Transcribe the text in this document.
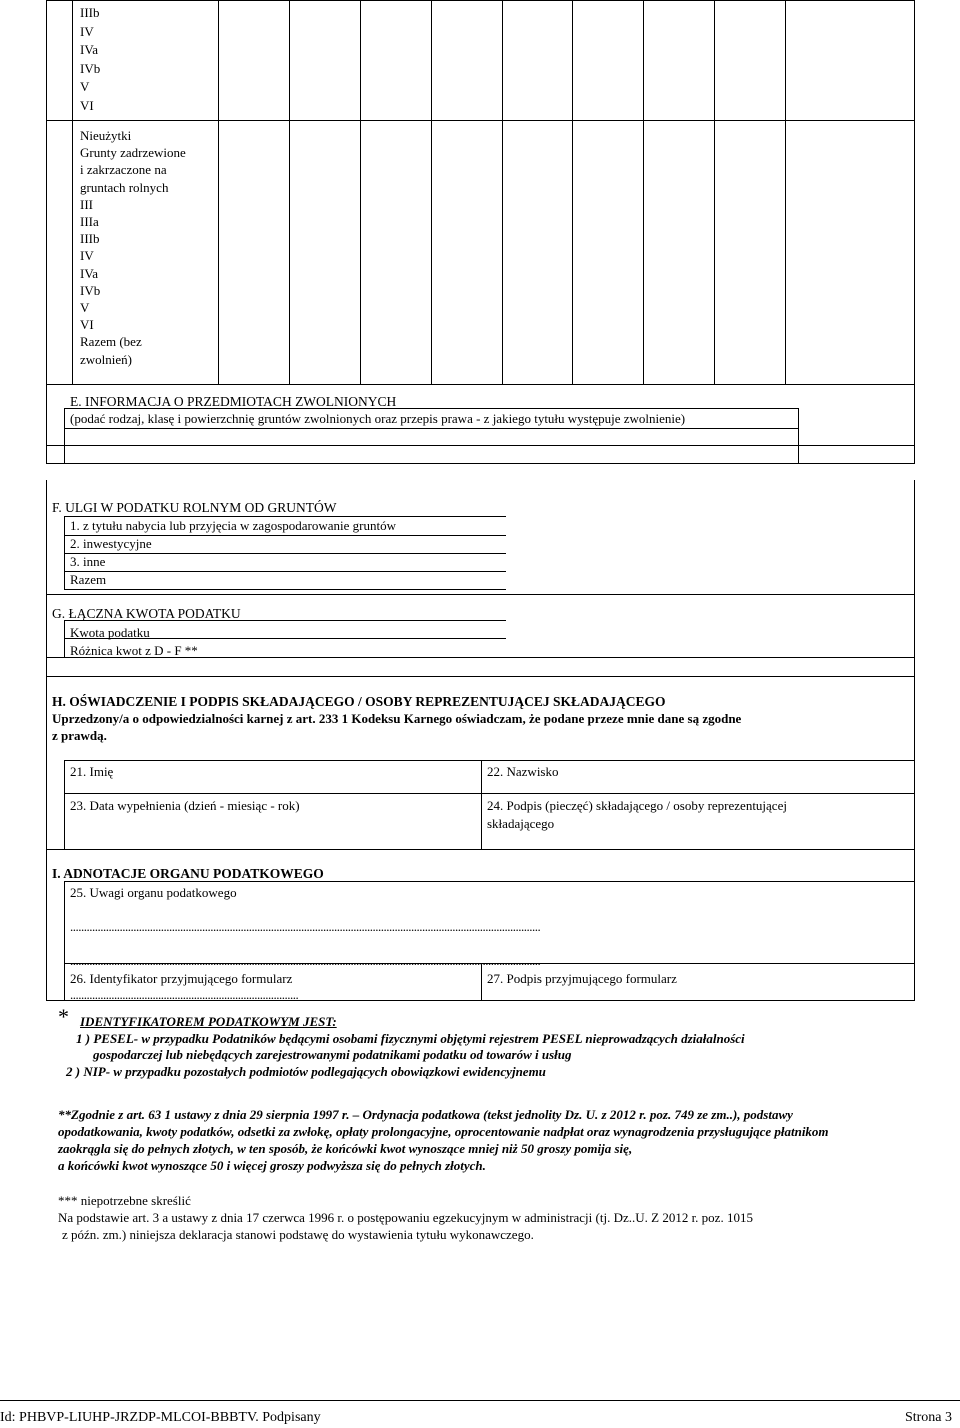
IIIb
IV
IVa
IVb
V
VI
Nieużytki
Grunty zadrzewione
i zakrzaczone na
gruntach rolnych
III
IIIa
IIIb
IV
IVa
IVb
V
VI
Razem (bez
zwolnień)
E. INFORMACJA O PRZEDMIOTACH ZWOLNIONYCH
(podać rodzaj, klasę i powierzchnię gruntów zwolnionych oraz przepis prawa - z jakiego tytułu występuje zwolnienie)
F. ULGI W PODATKU ROLNYM OD GRUNTÓW
1. z tytułu nabycia lub przyjęcia w zagospodarowanie gruntów
2. inwestycyjne
3. inne
Razem
G. ŁĄCZNA KWOTA PODATKU
Kwota podatku
Różnica kwot z D - F **
H. OŚWIADCZENIE I PODPIS SKŁADAJĄCEGO / OSOBY REPREZENTUJĄCEJ SKŁADAJĄCEGO
Uprzedzony/a o odpowiedzialności karnej z art. 233 1 Kodeksu Karnego oświadczam, że podane przeze mnie dane są zgodne
z prawdą.
21. Imię	22. Nazwisko
23. Data wypełnienia (dzień - miesiąc - rok)	24. Podpis (pieczęć) składającego / osoby reprezentującej
składającego
I. ADNOTACJE ORGANU PODATKOWEGO
25. Uwagi organu podatkowego
...........................................................................................................................................................................
...........................................................................................................................................................................
26. Identyfikator przyjmującego formularz
...................................................................................
27. Podpis przyjmującego formularz
* IDENTYFIKATOREM PODATKOWYM JEST:
1 ) PESEL- w przypadku Podatników będącymi osobami fizycznymi objętymi rejestrem PESEL nieprowadzących działalności
gospodarczej lub niebędących zarejestrowanymi podatnikami podatku od towarów i usług
2 ) NIP- w przypadku pozostałych podmiotów podlegających obowiązkowi ewidencyjnemu
**Zgodnie z art. 63 1 ustawy z dnia 29 sierpnia 1997 r. – Ordynacja podatkowa (tekst jednolity Dz. U. z 2012 r. poz. 749 ze zm..), podstawy
opodatkowania, kwoty podatków, odsetki za zwłokę, opłaty prolongacyjne, oprocentowanie nadpłat oraz wynagrodzenia przysługujące płatnikom
zaokrągla się do pełnych złotych, w ten sposób, że końcówki kwot wynoszące mniej niż 50 groszy pomija się,
a końcówki kwot wynoszące 50 i więcej groszy podwyższa się do pełnych złotych.
*** niepotrzebne skreślić
Na podstawie art. 3 a ustawy z dnia 17 czerwca 1996 r. o postępowaniu egzekucyjnym w administracji (tj. Dz..U. Z 2012 r. poz. 1015
z późn. zm.) niniejsza deklaracja stanowi podstawę do wystawienia tytułu wykonawczego.
Id: PHBVP-LIUHP-JRZDP-MLCOI-BBBTV. Podpisany	Strona 3
